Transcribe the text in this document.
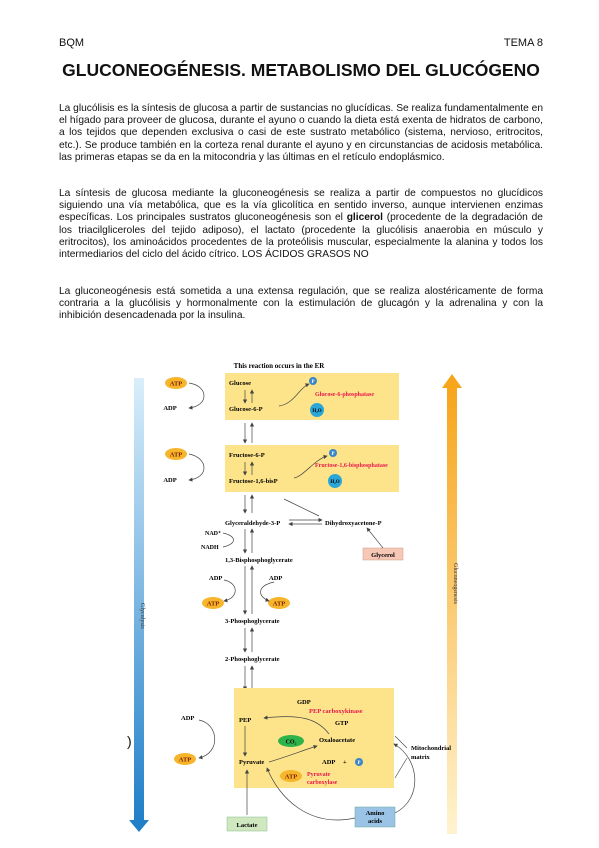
BQM	TEMA 8
GLUCONEOGÉNESIS. METABOLISMO DEL GLUCÓGENO
La glucólisis es la síntesis de glucosa a partir de sustancias no glucídicas. Se realiza fundamentalmente en el hígado para proveer de glucosa, durante el ayuno o cuando la dieta está exenta de hidratos de carbono, a los tejidos que dependen exclusiva o casi de este sustrato metabólico (sistema, nervioso, eritrocitos, etc.). Se produce también en la corteza renal durante el ayuno y en circunstancias de acidosis metabólica. las primeras etapas se da en la mitocondria y las últimas en el retículo endoplásmico.
La síntesis de glucosa mediante la gluconeogénesis se realiza a partir de compuestos no glucídicos siguiendo una vía metabólica, que es la vía glicolítica en sentido inverso, aunque intervienen enzimas específicas. Los principales sustratos gluconeogénesis son el glicerol (procedente de la degradación de los triacilgliceroles del tejido adiposo), el lactato (procedente la glucólisis anaerobia en músculo y eritrocitos), los aminoácidos procedentes de la proteólisis muscular, especialmente la alanina y todos los intermediarios del ciclo del ácido cítrico. LOS ÁCIDOS GRASOS NO
La gluconeogénesis está sometida a una extensa regulación, que se realiza alostéricamente de forma contraria a la glucólisis y hormonalmente con la estimulación de glucagón y la adrenalina y con la inhibición desencadenada por la insulina.
)
Glycolysis
Gluconeogenesis
This reaction occurs in the ER
ATP
ADP
Glucose
Glucose-6-P
P
Glucose-6-phosphatase
H₂O
ATP
ADP
Fructose-6-P
Fructose-1,6-bisP
P
Fructose-1,6-bisphosphatase
H₂O
Glyceraldehyde-3-P	Dihydroxyacetone-P
Glycerol
NAD⁺
NADH
1,3-Bisphosphoglycerate
ADP	ADP
ATP	ATP
3-Phosphoglycerate
2-Phosphoglycerate
GDP
PEP carboxykinase
GTP
PEP
CO₂	Oxaloacetate
Pyruvate	ADP + P
ATP Pyruvate
carboxylase
ADP
ATP
Mitochondrial
matrix
Lactate
Amino
acids
